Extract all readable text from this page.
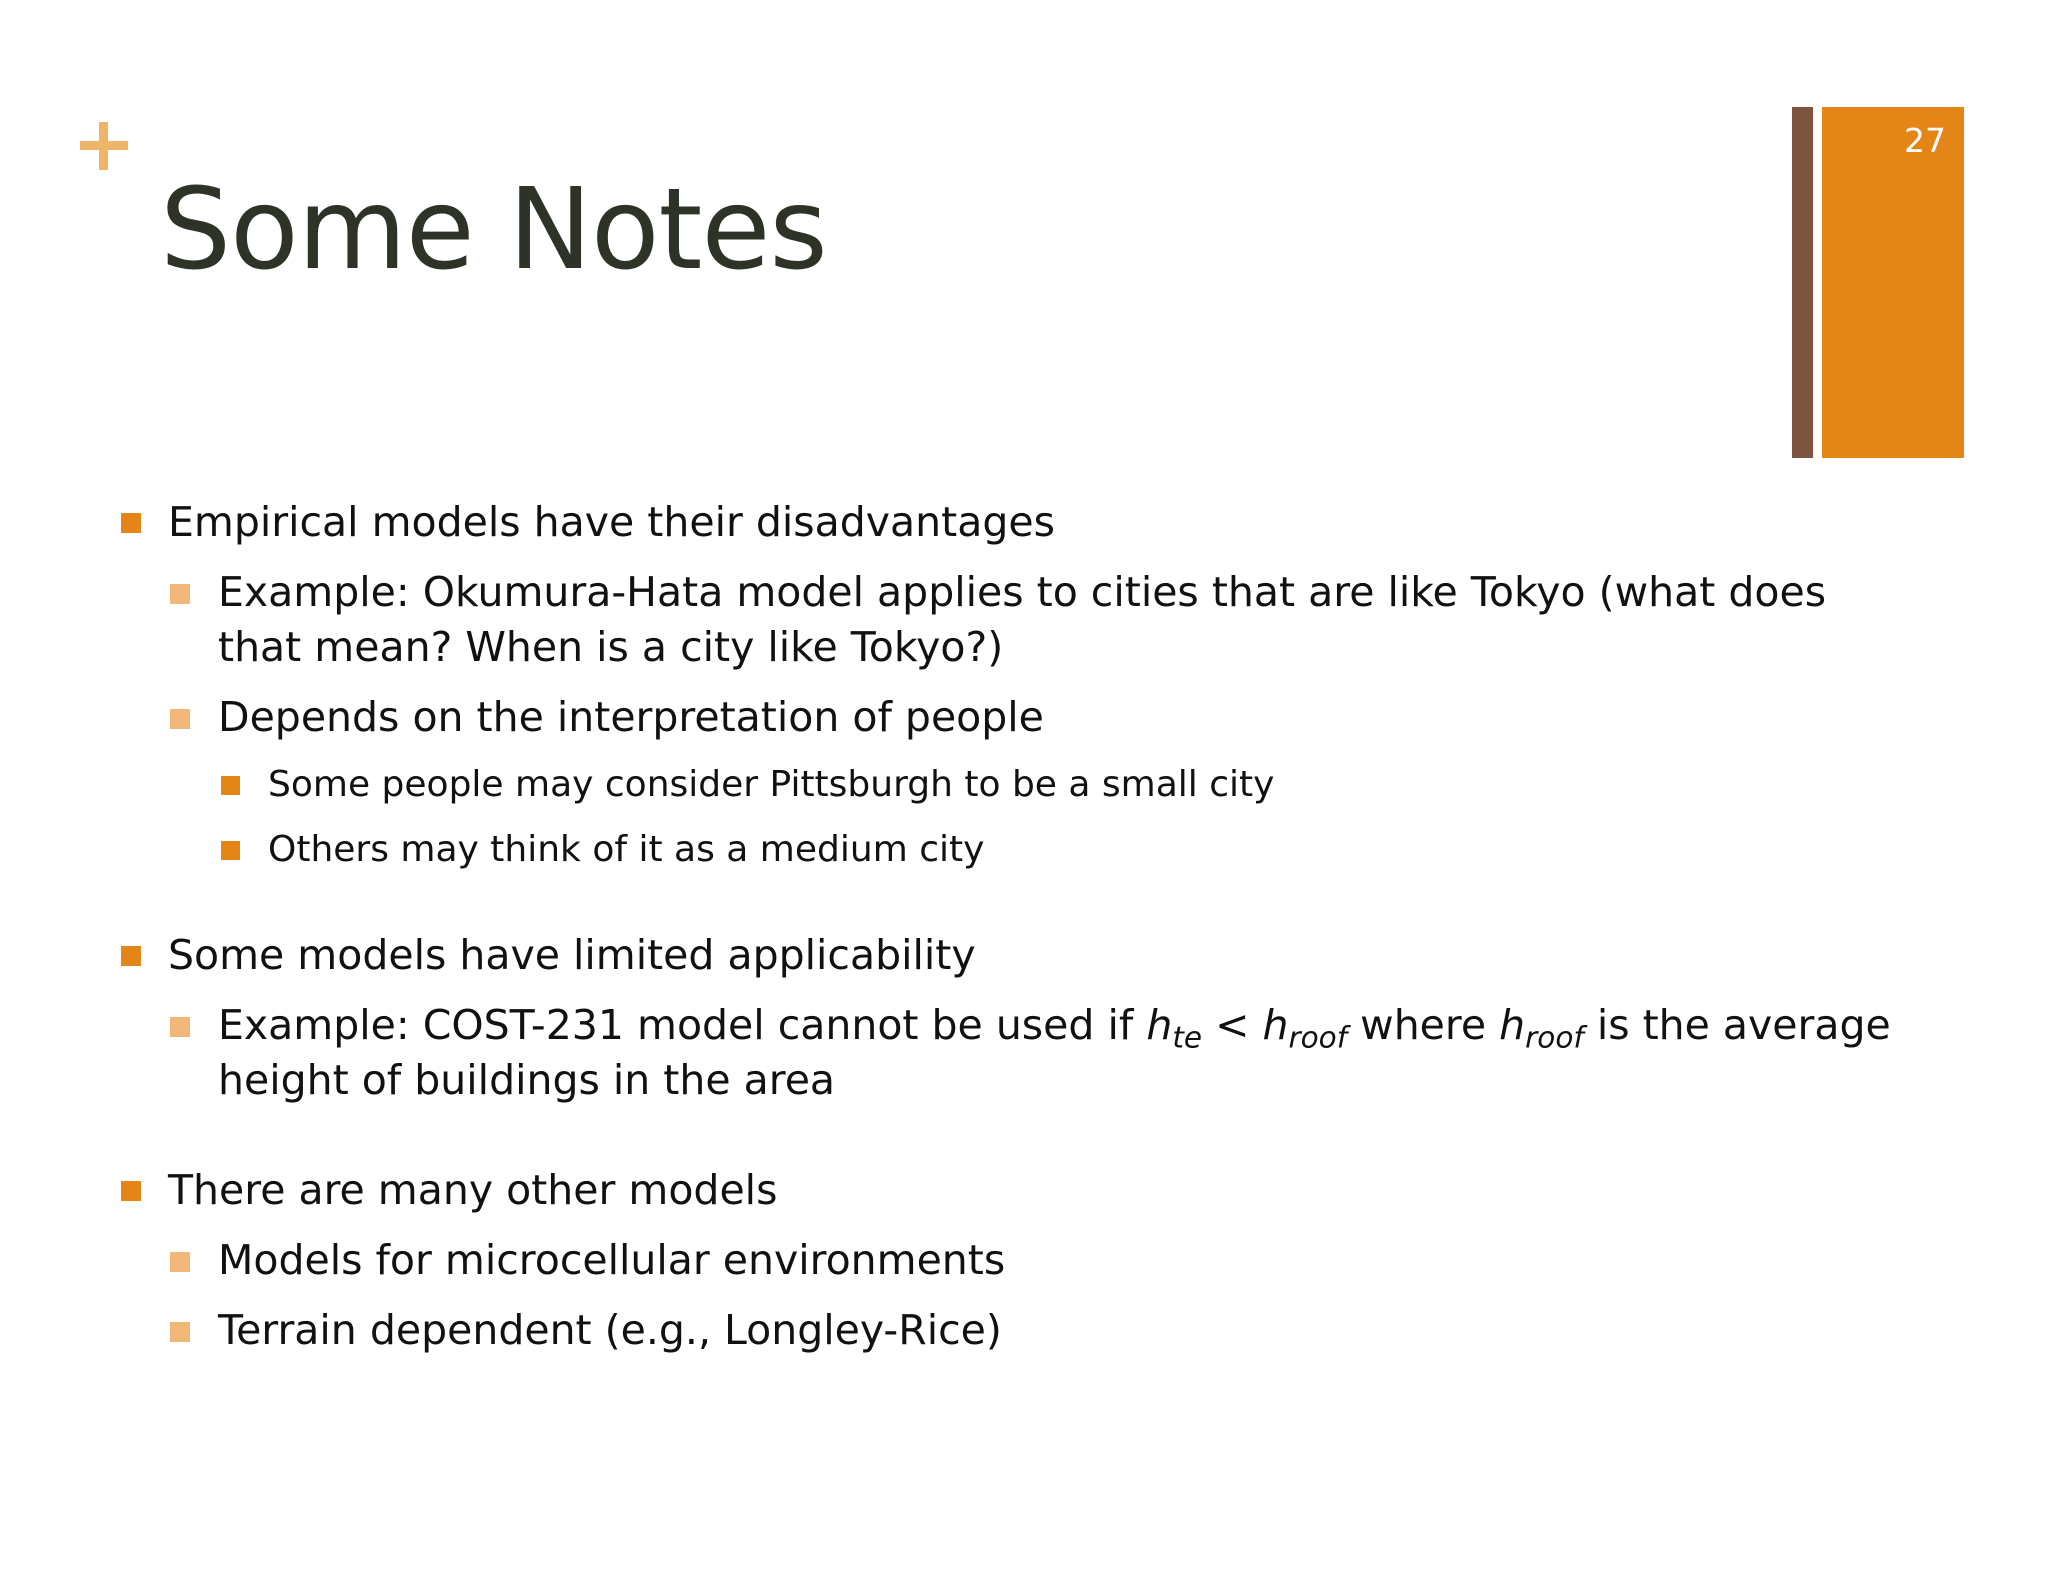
Some Notes
27
Empirical models have their disadvantages
Example: Okumura-Hata model applies to cities that are like Tokyo (what does
that mean? When is a city like Tokyo?)
Depends on the interpretation of people
Some people may consider Pittsburgh to be a small city
Others may think of it as a medium city
Some models have limited applicability
Example: COST-231 model cannot be used if $h_{te} < h_{roof}$ where $h_{roof}$ is the average
height of buildings in the area
There are many other models
Models for microcellular environments
Terrain dependent (e.g., Longley-Rice)
